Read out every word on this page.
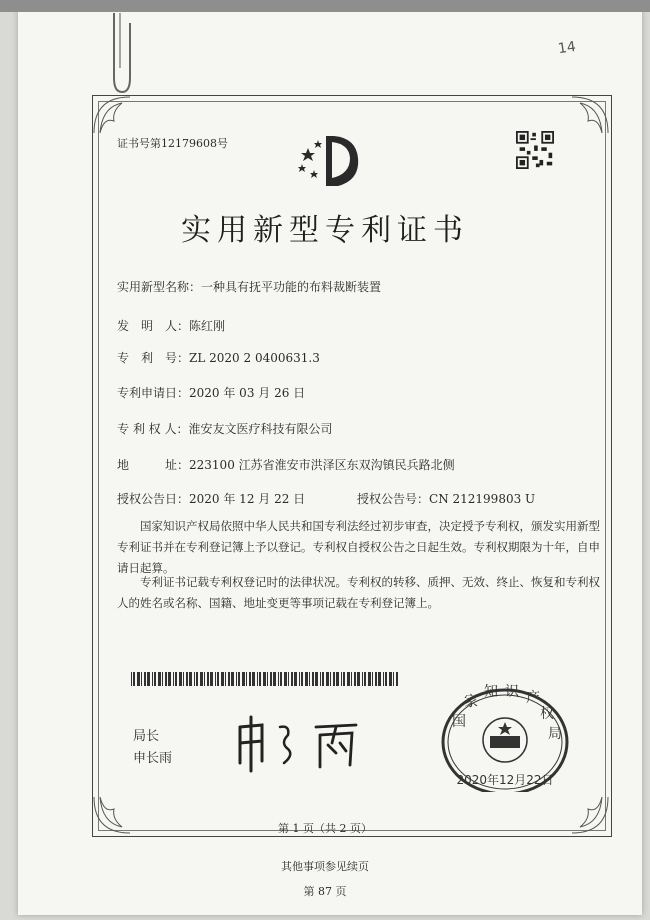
14
证书号第12179608号
实用新型专利证书
实用新型名称：一种具有抚平功能的布料裁断装置
发　明　人：陈红刚
专　利　号：ZL 2020 2 0400631.3
专利申请日：2020 年 03 月 26 日
专 利 权 人：淮安友文医疗科技有限公司
地　　　址：223100 江苏省淮安市洪泽区东双沟镇民兵路北侧
授权公告日：2020 年 12 月 22 日	授权公告号：CN 212199803 U

国家知识产权局依照中华人民共和国专利法经过初步审查，决定授予专利权，颁发实用新型专利证书并在专利登记簿上予以登记。专利权自授权公告之日起生效。专利权期限为十年，自申请日起算。

专利证书记载专利权登记时的法律状况。专利权的转移、质押、无效、终止、恢复和专利权人的姓名或名称、国籍、地址变更等事项记载在专利登记簿上。

局长
申长雨
国
家
知 识 产
权
局
2020年12月22日
第 1 页（共 2 页）
其他事项参见续页
第 87 页
